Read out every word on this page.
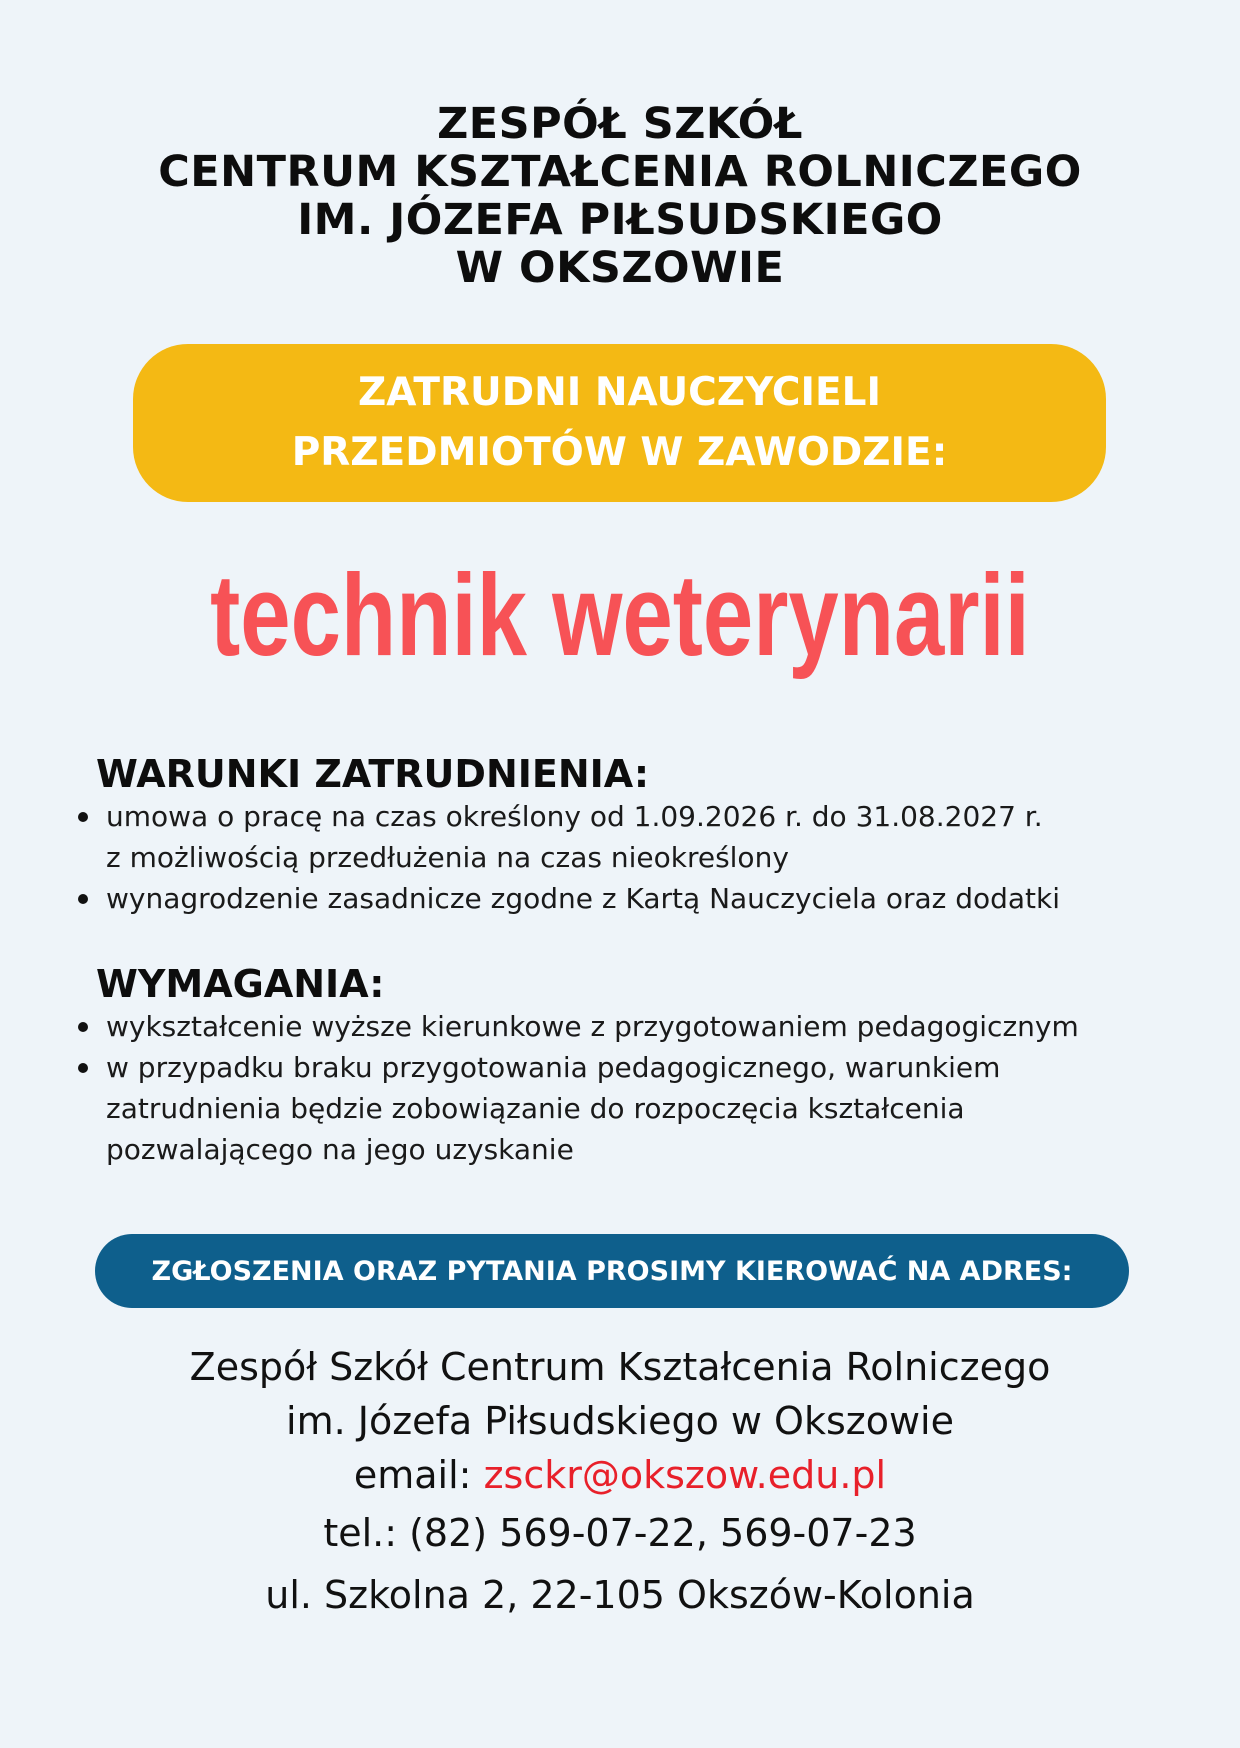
ZESPÓŁ SZKÓŁ
CENTRUM KSZTAŁCENIA ROLNICZEGO
IM. JÓZEFA PIŁSUDSKIEGO
W OKSZOWIE
ZATRUDNI NAUCZYCIELI
PRZEDMIOTÓW W ZAWODZIE:
technik weterynarii
WARUNKI ZATRUDNIENIA:
umowa o pracę na czas określony od 1.09.2026 r. do 31.08.2027 r.
z możliwością przedłużenia na czas nieokreślony
wynagrodzenie zasadnicze zgodne z Kartą Nauczyciela oraz dodatki
WYMAGANIA:
wykształcenie wyższe kierunkowe z przygotowaniem pedagogicznym
w przypadku braku przygotowania pedagogicznego, warunkiem
zatrudnienia będzie zobowiązanie do rozpoczęcia kształcenia
pozwalającego na jego uzyskanie
ZGŁOSZENIA ORAZ PYTANIA PROSIMY KIEROWAĆ NA ADRES:
Zespół Szkół Centrum Kształcenia Rolniczego
im. Józefa Piłsudskiego w Okszowie
email: zsckr@okszow.edu.pl
tel.: (82) 569-07-22, 569-07-23
ul. Szkolna 2, 22-105 Okszów-Kolonia
